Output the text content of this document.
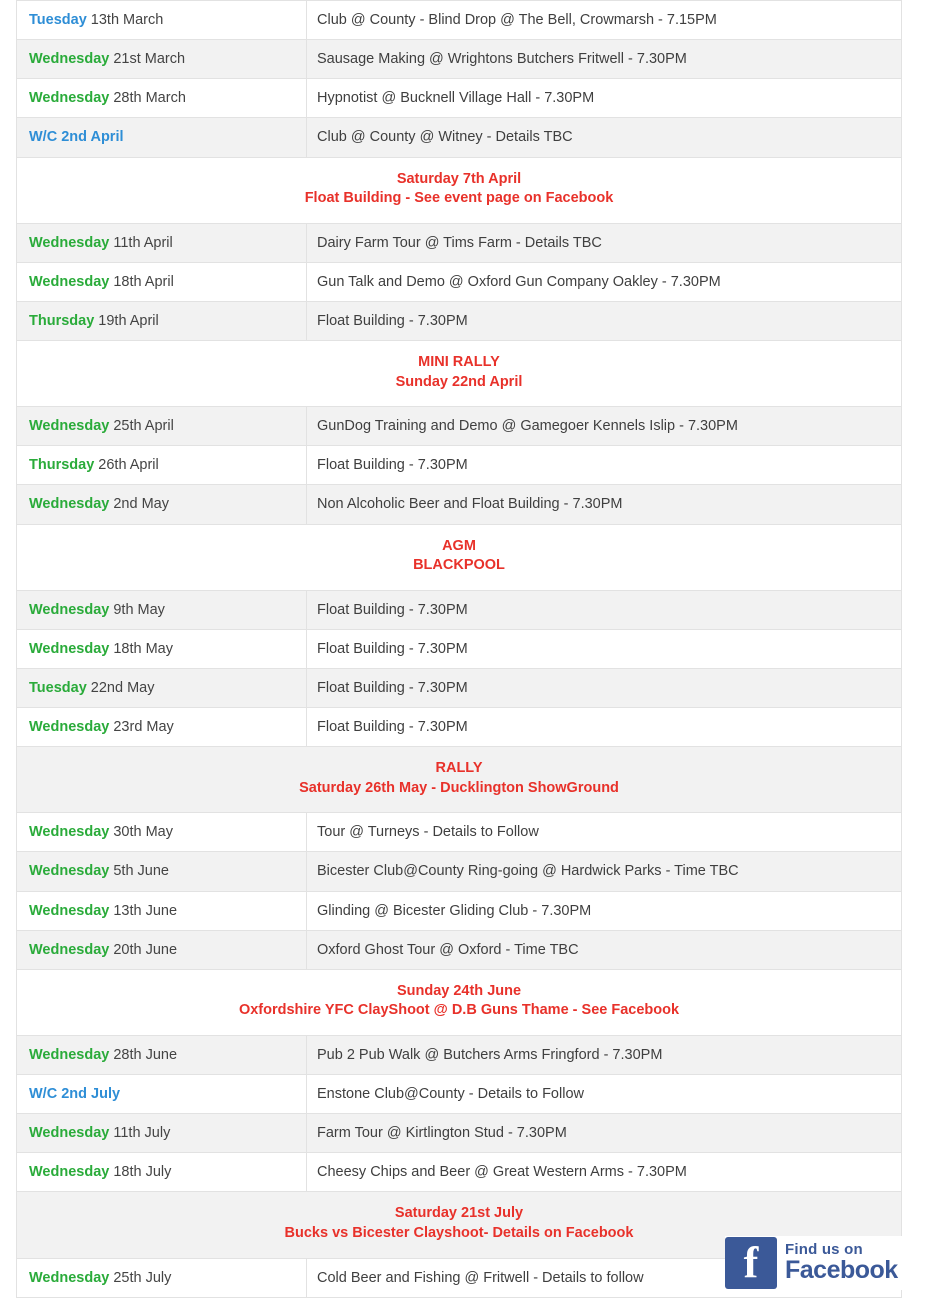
Tuesday 13th March	Club @ County - Blind Drop @ The Bell, Crowmarsh - 7.15PM
Wednesday 21st March	Sausage Making @ Wrightons Butchers Fritwell - 7.30PM
Wednesday 28th March	Hypnotist @ Bucknell Village Hall - 7.30PM
W/C 2nd April	Club @ County @ Witney - Details TBC

Saturday 7th April
Float Building - See event page on Facebook	

Wednesday 11th April	Dairy Farm Tour @ Tims Farm - Details TBC
Wednesday 18th April	Gun Talk and Demo @ Oxford Gun Company Oakley - 7.30PM
Thursday 19th April	Float Building - 7.30PM

MINI RALLY
Sunday 22nd April	

Wednesday 25th April	GunDog Training and Demo @ Gamegoer Kennels Islip - 7.30PM
Thursday 26th April	Float Building - 7.30PM
Wednesday 2nd May	Non Alcoholic Beer and Float Building - 7.30PM

AGM
BLACKPOOL	

Wednesday 9th May	Float Building - 7.30PM
Wednesday 18th May	Float Building - 7.30PM
Tuesday 22nd May	Float Building - 7.30PM
Wednesday 23rd May	Float Building - 7.30PM

RALLY
Saturday 26th May - Ducklington ShowGround	

Wednesday 30th May	Tour @ Turneys - Details to Follow
Wednesday 5th June	Bicester Club@County Ring-going @ Hardwick Parks - Time TBC
Wednesday 13th June	Glinding @ Bicester Gliding Club - 7.30PM
Wednesday 20th June	Oxford Ghost Tour @ Oxford - Time TBC

Sunday 24th June
Oxfordshire YFC ClayShoot @ D.B Guns Thame - See Facebook	

Wednesday 28th June	Pub 2 Pub Walk @ Butchers Arms Fringford - 7.30PM
W/C 2nd July	Enstone Club@County - Details to Follow
Wednesday 11th July	Farm Tour @ Kirtlington Stud - 7.30PM
Wednesday 18th July	Cheesy Chips and Beer @ Great Western Arms - 7.30PM

Saturday 21st July
Bucks vs Bicester Clayshoot- Details on Facebook	

Wednesday 25th July	Cold Beer and Fishing @ Fritwell - Details to follow	f	Find us on
Facebook
